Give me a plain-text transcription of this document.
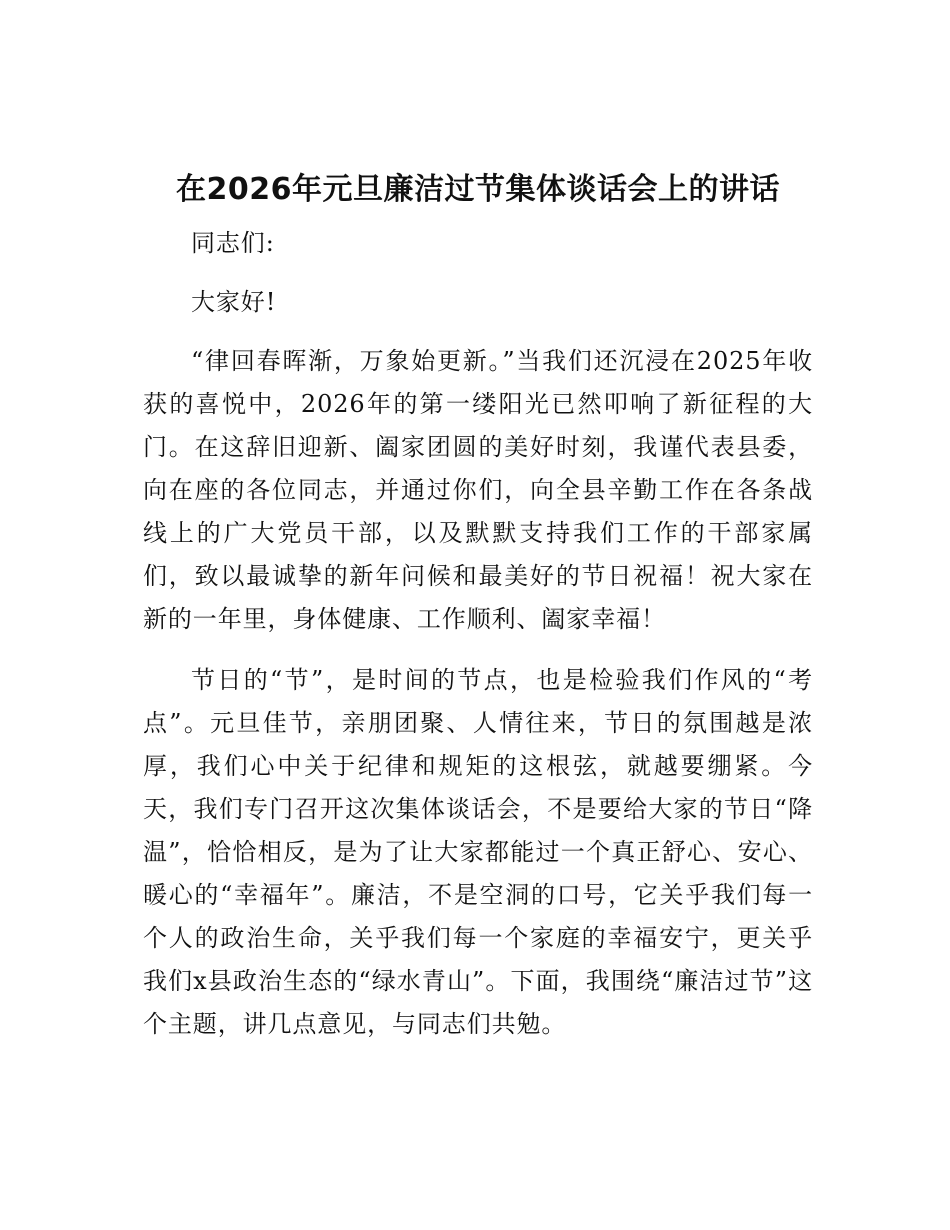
在2026年元旦廉洁过节集体谈话会上的讲话

同志们:

大家好!

“律回春晖渐，万象始更新。”当我们还沉浸在2025年收获的喜悦中，2026年的第一缕阳光已然叩响了新征程的大门。在这辞旧迎新、阖家团圆的美好时刻，我谨代表县委，向在座的各位同志，并通过你们，向全县辛勤工作在各条战线上的广大党员干部，以及默默支持我们工作的干部家属们，致以最诚挚的新年问候和最美好的节日祝福！祝大家在新的一年里，身体健康、工作顺利、阖家幸福！

节日的“节”，是时间的节点，也是检验我们作风的“考点”。元旦佳节，亲朋团聚、人情往来，节日的氛围越是浓厚，我们心中关于纪律和规矩的这根弦，就越要绷紧。今天，我们专门召开这次集体谈话会，不是要给大家的节日“降温”，恰恰相反，是为了让大家都能过一个真正舒心、安心、暖心的“幸福年”。廉洁，不是空洞的口号，它关乎我们每一个人的政治生命，关乎我们每一个家庭的幸福安宁，更关乎我们x县政治生态的“绿水青山”。下面，我围绕“廉洁过节”这个主题，讲几点意见，与同志们共勉。
